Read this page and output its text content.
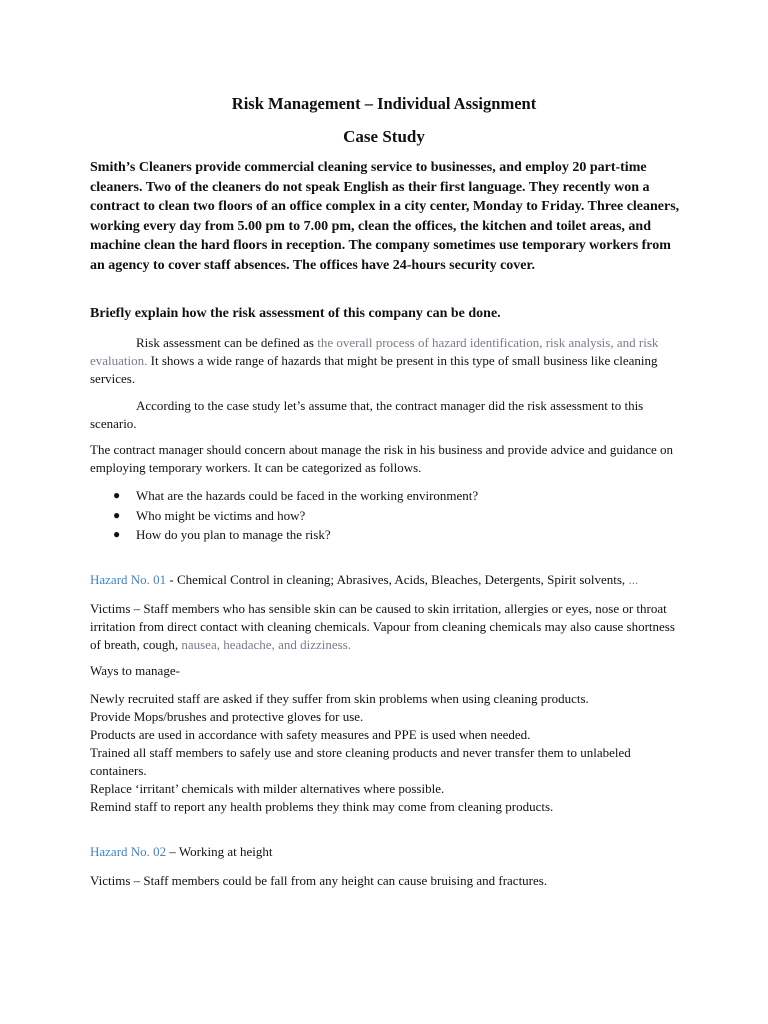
Risk Management – Individual Assignment
Case Study

Smith’s Cleaners provide commercial cleaning service to businesses, and employ 20 part-time cleaners. Two of the cleaners do not speak English as their first language. They recently won a contract to clean two floors of an office complex in a city center, Monday to Friday. Three cleaners, working every day from 5.00 pm to 7.00 pm, clean the offices, the kitchen and toilet areas, and machine clean the hard floors in reception. The company sometimes use temporary workers from an agency to cover staff absences. The offices have 24-hours security cover.

Briefly explain how the risk assessment of this company can be done.

Risk assessment can be defined as the overall process of hazard identification, risk analysis, and risk evaluation. It shows a wide range of hazards that might be present in this type of small business like cleaning services.

According to the case study let’s assume that, the contract manager did the risk assessment to this scenario.

The contract manager should concern about manage the risk in his business and provide advice and guidance on employing temporary workers. It can be categorized as follows.

● What are the hazards could be faced in the working environment?
● Who might be victims and how?
● How do you plan to manage the risk?

Hazard No. 01 - Chemical Control in cleaning; Abrasives, Acids, Bleaches, Detergents, Spirit solvents, ...

Victims – Staff members who has sensible skin can be caused to skin irritation, allergies or eyes, nose or throat irritation from direct contact with cleaning chemicals. Vapour from cleaning chemicals may also cause shortness of breath, cough, nausea, headache, and dizziness.

Ways to manage-

Newly recruited staff are asked if they suffer from skin problems when using cleaning products.
Provide Mops/brushes and protective gloves for use.
Products are used in accordance with safety measures and PPE is used when needed.
Trained all staff members to safely use and store cleaning products and never transfer them to unlabeled containers.
Replace ‘irritant’ chemicals with milder alternatives where possible.
Remind staff to report any health problems they think may come from cleaning products.

Hazard No. 02 – Working at height

Victims – Staff members could be fall from any height can cause bruising and fractures.
